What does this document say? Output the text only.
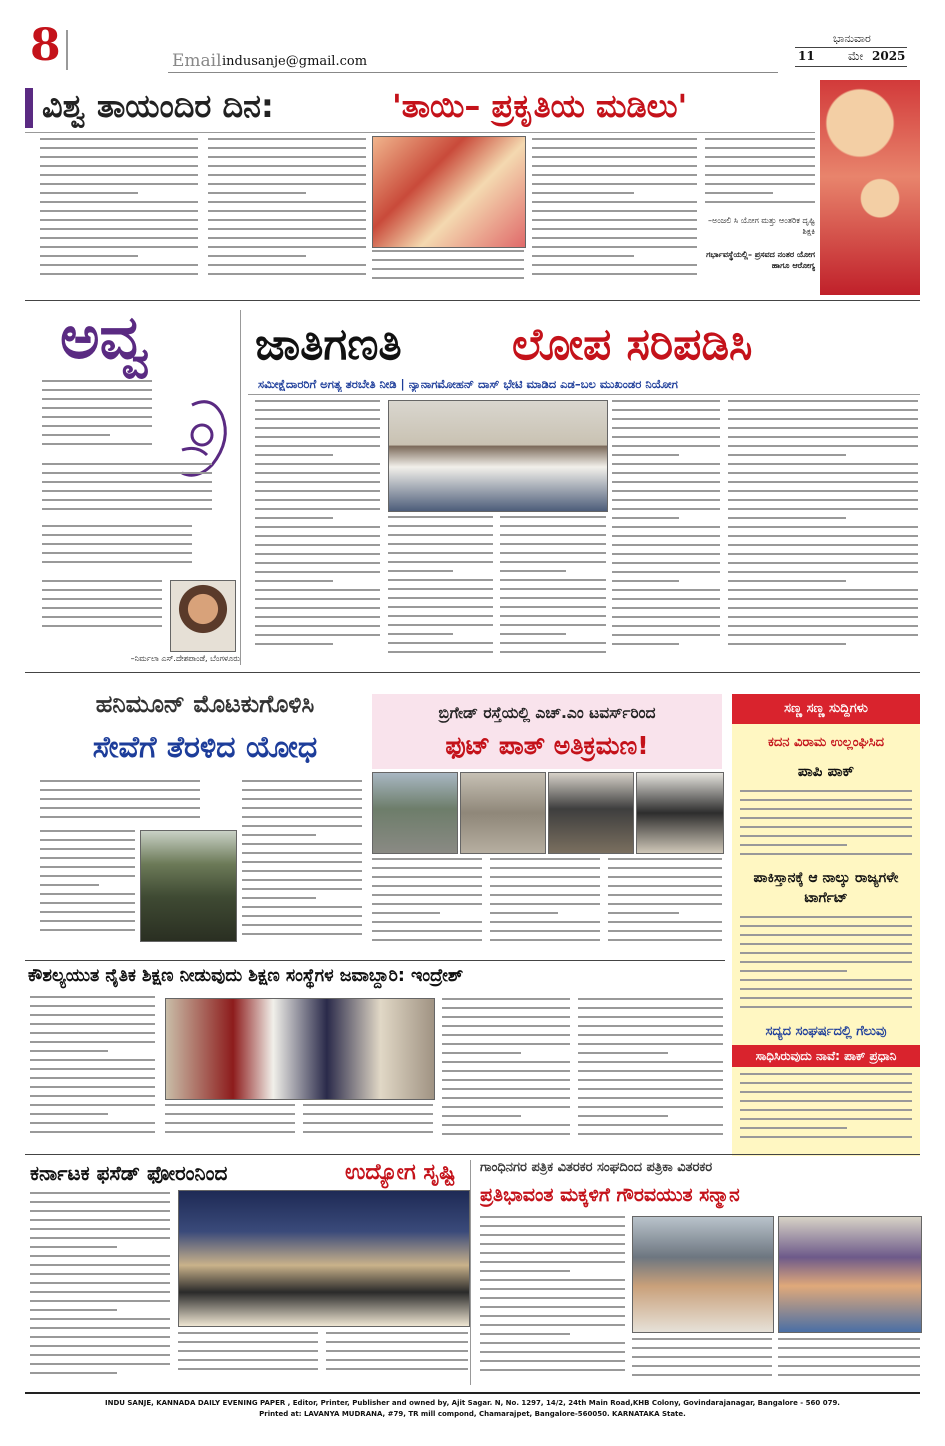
8	Email indusanje@gmail.com
ಭಾನುವಾರ
11	ಮೇ 2025
ವಿಶ್ವ ತಾಯಂದಿರ ದಿನ:	'ತಾಯಿ– ಪ್ರಕೃತಿಯ ಮಡಿಲು'
–ಅಂಜಲಿ ಸಿ ಯೋಗ ಮತ್ತು ಆಂತರಿಕ ದೃಷ್ಟಿ ಶಿಕ್ಷಕಿ
ಗರ್ಭಾವಸ್ಥೆಯಲ್ಲಿ– ಪ್ರಸವದ ನಂತರ ಯೋಗ ಹಾಗೂ ಆರೋಗ್ಯ
ಅವ್ವ
–ನಿರ್ಮಲಾ ಎಸ್.ದೇಶಪಾಂಡೆ, ಬೆಂಗಳೂರು
ಜಾತಿಗಣತಿ	ಲೋಪ ಸರಿಪಡಿಸಿ
ಸಮೀಕ್ಷೆದಾರರಿಗೆ ಅಗತ್ಯ ತರಬೇತಿ ನೀಡಿ | ನ್ಯಾನಾಗಮೋಹನ್ ದಾಸ್ ಭೇಟಿ ಮಾಡಿದ ಎಡ–ಬಲ ಮುಖಂಡರ ನಿಯೋಗ
ಹನಿಮೂನ್ ಮೊಟಕುಗೊಳಿಸಿ
ಸೇವೆಗೆ ತೆರಳಿದ ಯೋಧ
ಬ್ರಿಗೇಡ್ ರಸ್ತೆಯಲ್ಲಿ ಎಚ್.ಎಂ ಟವರ್ಸ್‌ರಿಂದ
ಫುಟ್ ಪಾತ್ ಅತಿಕ್ರಮಣ!
ಸಣ್ಣ ಸಣ್ಣ ಸುದ್ದಿಗಳು
ಕದನ ವಿರಾಮ ಉಲ್ಲಂಘಿಸಿದ
ಪಾಪಿ ಪಾಕ್
ಪಾಕಿಸ್ತಾನಕ್ಕೆ ಆ ನಾಲ್ಕು ರಾಜ್ಯಗಳೇ ಟಾರ್ಗೆಟ್
ಸದ್ಯದ ಸಂಘರ್ಷದಲ್ಲಿ ಗೆಲುವು
ಸಾಧಿಸಿರುವುದು ನಾವೆ: ಪಾಕ್ ಪ್ರಧಾನಿ
ಕೌಶಲ್ಯಯುತ ನೈತಿಕ ಶಿಕ್ಷಣ ನೀಡುವುದು ಶಿಕ್ಷಣ ಸಂಸ್ಥೆಗಳ ಜವಾಬ್ದಾರಿ: ಇಂದ್ರೇಶ್
ಕರ್ನಾಟಕ ಫಸೆಡ್ ಫೋರಂನಿಂದ	ಉದ್ಯೋಗ ಸೃಷ್ಟಿ ಗಾಂಧಿನಗರ ಪತ್ರಿಕ ವಿತರಕರ ಸಂಘದಿಂದ ಪತ್ರಿಕಾ ವಿತರಕರ
ಪ್ರತಿಭಾವಂತ ಮಕ್ಕಳಿಗೆ ಗೌರವಯುತ ಸನ್ಮಾನ
INDU SANJE, KANNADA DAILY EVENING PAPER , Editor, Printer, Publisher and owned by, Ajit Sagar. N, No. 1297, 14/2, 24th Main Road,KHB Colony, Govindarajanagar, Bangalore - 560 079.
Printed at: LAVANYA MUDRANA, #79, TR mill compond, Chamarajpet, Bangalore-560050. KARNATAKA State.
